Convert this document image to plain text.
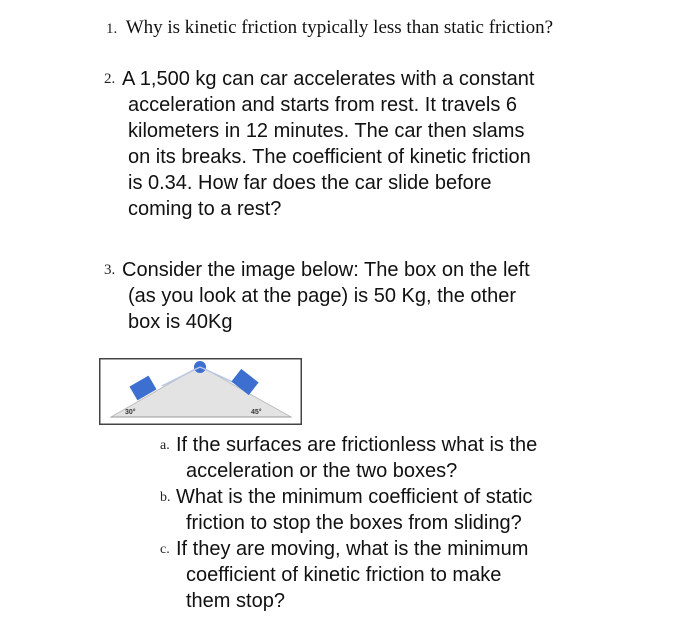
1. Why is kinetic friction typically less than static friction?
2. A 1,500 kg can car accelerates with a constant
acceleration and starts from rest. It travels 6
kilometers in 12 minutes. The car then slams
on its breaks. The coefficient of kinetic friction
is 0.34. How far does the car slide before
coming to a rest?
3. Consider the image below: The box on the left
(as you look at the page) is 50 Kg, the other
box is 40Kg
30°	45°
a. If the surfaces are frictionless what is the
acceleration or the two boxes?
b. What is the minimum coefficient of static
friction to stop the boxes from sliding?
c. If they are moving, what is the minimum
coefficient of kinetic friction to make
them stop?
